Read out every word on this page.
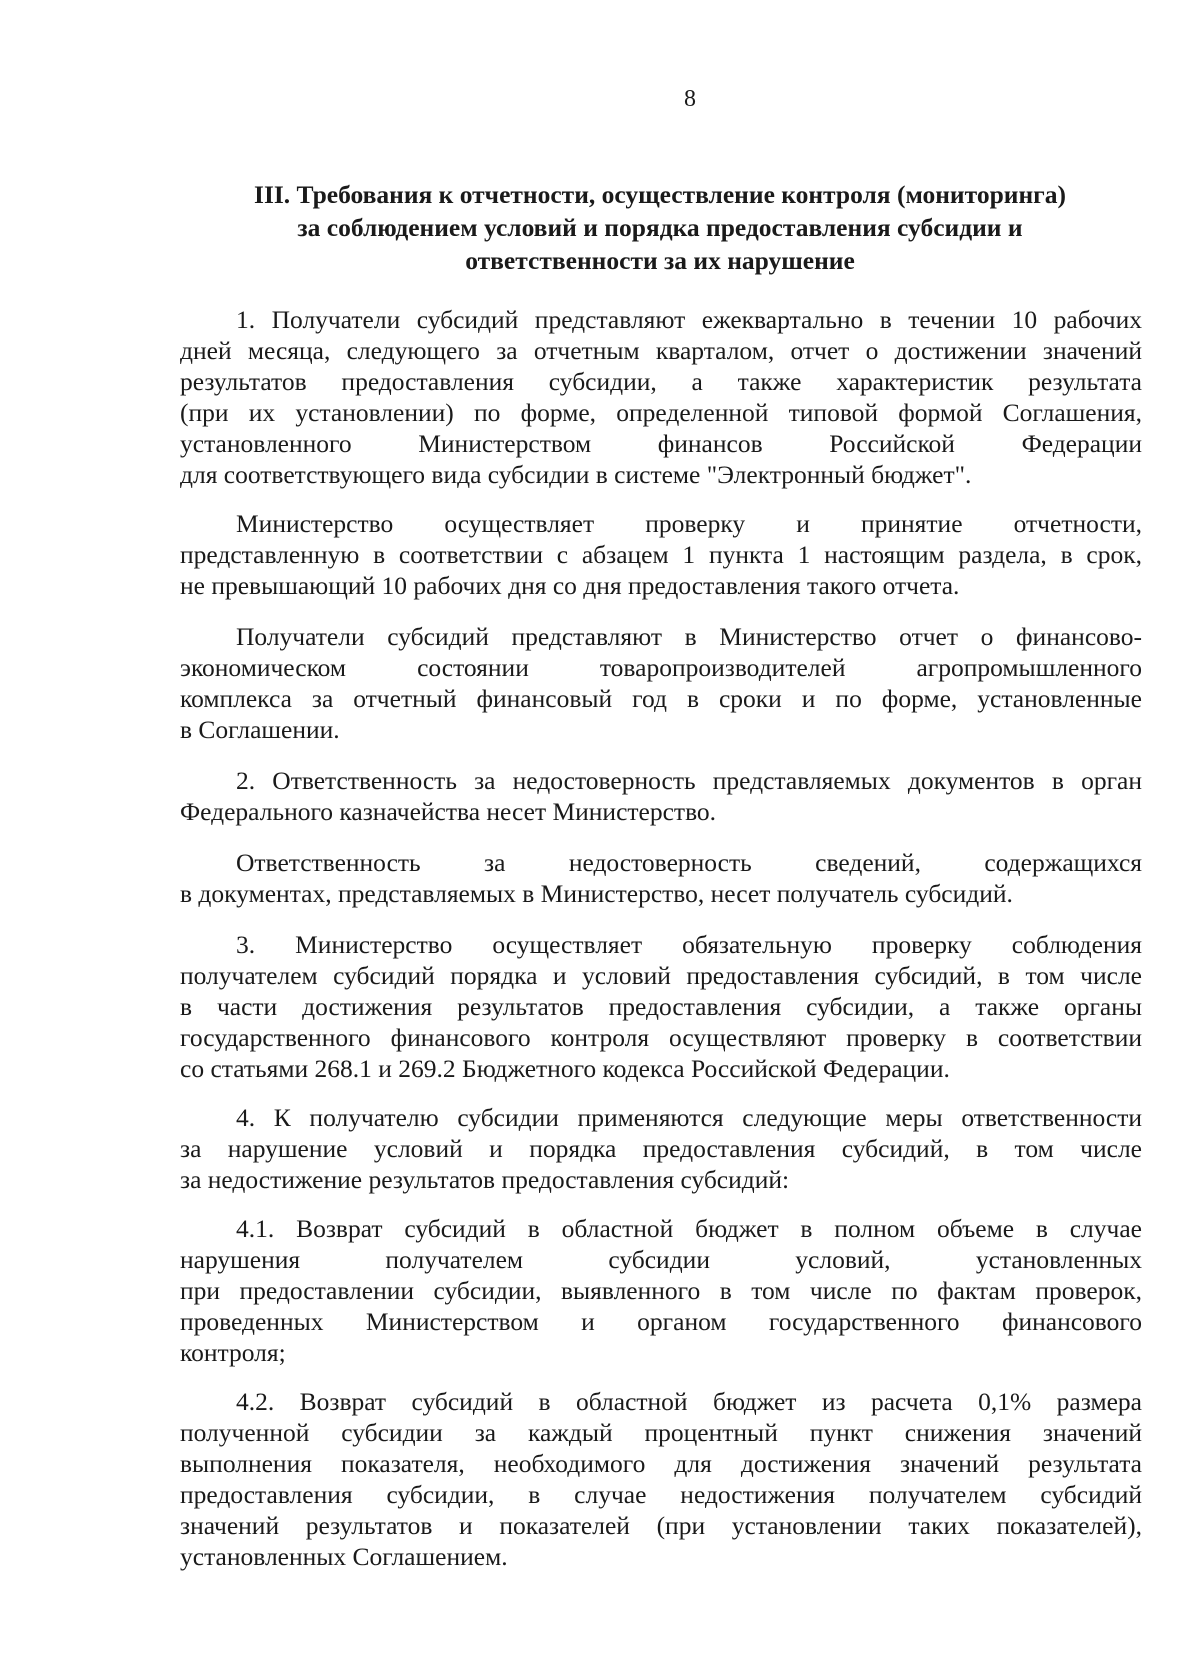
8
III. Требования к отчетности, осуществление контроля (мониторинга)
за соблюдением условий и порядка предоставления субсидии и
ответственности за их нарушение
1. Получатели субсидий представляют ежеквартально в течении 10 рабочих
дней месяца, следующего за отчетным кварталом, отчет о достижении значений
результатов предоставления субсидии, а также характеристик результата
(при их установлении) по форме, определенной типовой формой Соглашения,
установленного Министерством финансов Российской Федерации
для соответствующего вида субсидии в системе "Электронный бюджет".
Министерство осуществляет проверку и принятие отчетности,
представленную в соответствии с абзацем 1 пункта 1 настоящим раздела, в срок,
не превышающий 10 рабочих дня со дня предоставления такого отчета.
Получатели субсидий представляют в Министерство отчет о финансово-
экономическом состоянии товаропроизводителей агропромышленного
комплекса за отчетный финансовый год в сроки и по форме, установленные
в Соглашении.
2. Ответственность за недостоверность представляемых документов в орган
Федерального казначейства несет Министерство.
Ответственность за недостоверность сведений, содержащихся
в документах, представляемых в Министерство, несет получатель субсидий.
3. Министерство осуществляет обязательную проверку соблюдения
получателем субсидий порядка и условий предоставления субсидий, в том числе
в части достижения результатов предоставления субсидии, а также органы
государственного финансового контроля осуществляют проверку в соответствии
со статьями 268.1 и 269.2 Бюджетного кодекса Российской Федерации.
4. К получателю субсидии применяются следующие меры ответственности
за нарушение условий и порядка предоставления субсидий, в том числе
за недостижение результатов предоставления субсидий:
4.1. Возврат субсидий в областной бюджет в полном объеме в случае
нарушения получателем субсидии условий, установленных
при предоставлении субсидии, выявленного в том числе по фактам проверок,
проведенных Министерством и органом государственного финансового
контроля;
4.2. Возврат субсидий в областной бюджет из расчета 0,1% размера
полученной субсидии за каждый процентный пункт снижения значений
выполнения показателя, необходимого для достижения значений результата
предоставления субсидии, в случае недостижения получателем субсидий
значений результатов и показателей (при установлении таких показателей),
установленных Соглашением.
